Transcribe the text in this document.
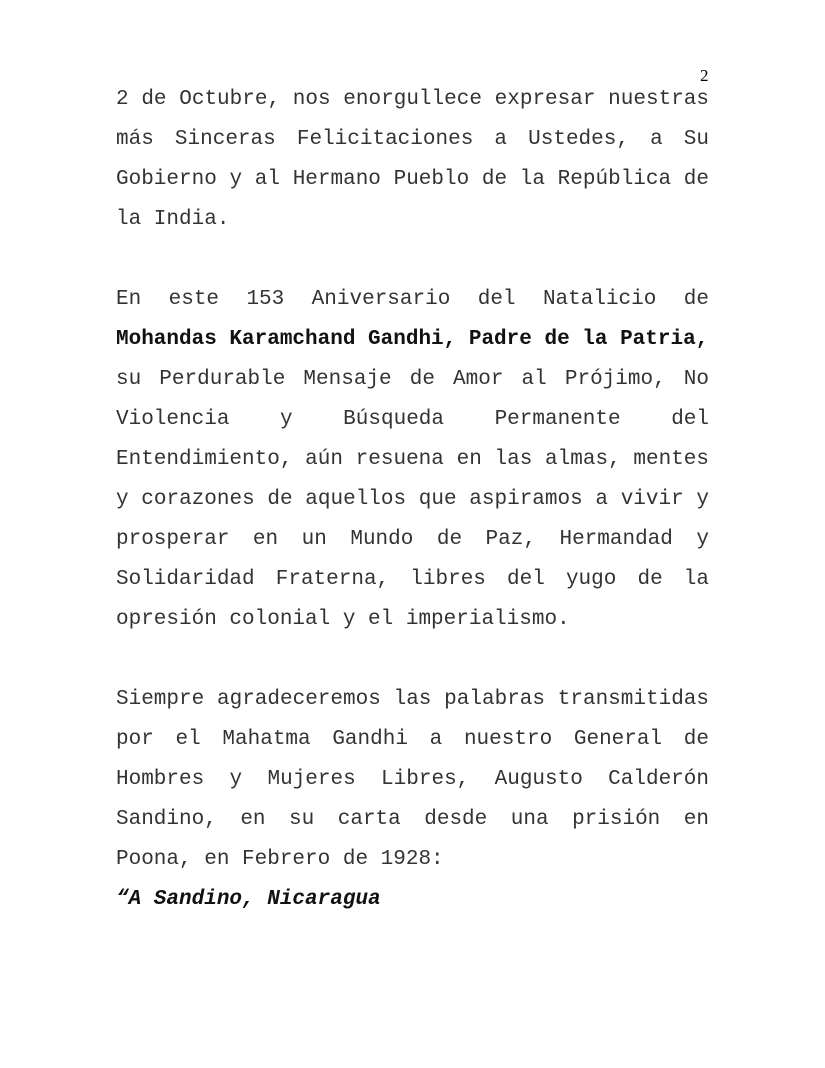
2

2 de Octubre, nos enorgullece expresar nuestras más Sinceras Felicitaciones a Ustedes, a Su Gobierno y al Hermano Pueblo de la República de la India.

En este 153 Aniversario del Natalicio de
Mohandas Karamchand Gandhi, Padre de la Patria,
su Perdurable Mensaje de Amor al Prójimo, No Violencia y Búsqueda Permanente del Entendimiento, aún resuena en las almas, mentes y corazones de aquellos que aspiramos a vivir y prosperar en un Mundo de Paz, Hermandad y Solidaridad Fraterna, libres del yugo de la opresión colonial y el imperialismo.

Siempre agradeceremos las palabras transmitidas por el Mahatma Gandhi a nuestro General de Hombres y Mujeres Libres, Augusto Calderón Sandino, en su carta desde una prisión en Poona, en Febrero de 1928:

“A Sandino, Nicaragua
